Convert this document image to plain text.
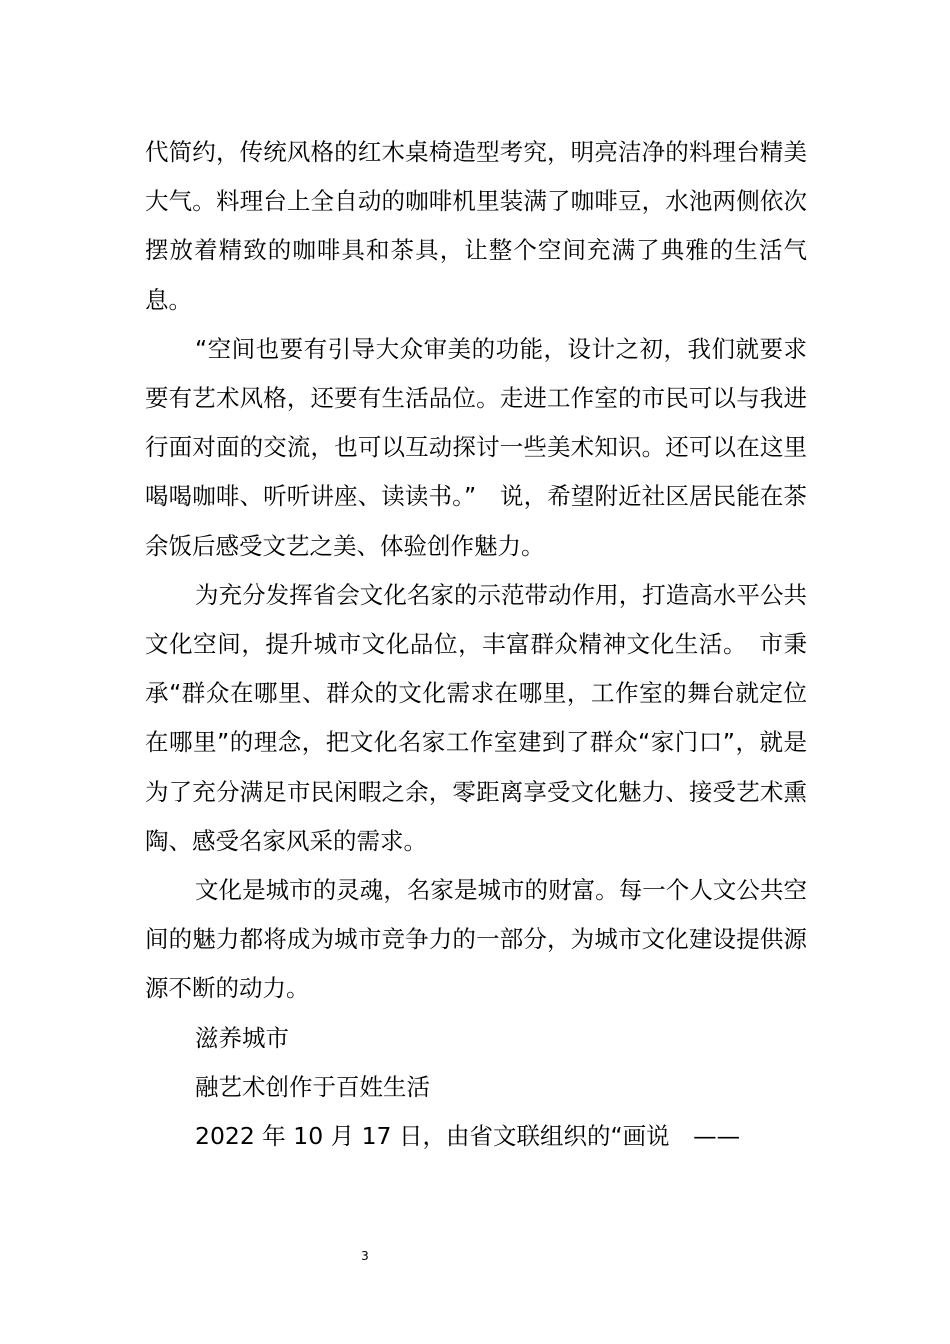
代简约，传统风格的红木桌椅造型考究，明亮洁净的料理台精美大气。料理台上全自动的咖啡机里装满了咖啡豆，水池两侧依次摆放着精致的咖啡具和茶具，让整个空间充满了典雅的生活气息。

“空间也要有引导大众审美的功能，设计之初，我们就要求要有艺术风格，还要有生活品位。走进工作室的市民可以与我进行面对面的交流，也可以互动探讨一些美术知识。还可以在这里喝喝咖啡、听听讲座、读读书。”　说，希望附近社区居民能在茶余饭后感受文艺之美、体验创作魅力。

为充分发挥省会文化名家的示范带动作用，打造高水平公共文化空间，提升城市文化品位，丰富群众精神文化生活。　市秉承“群众在哪里、群众的文化需求在哪里，工作室的舞台就定位在哪里”的理念，把文化名家工作室建到了群众“家门口”，就是为了充分满足市民闲暇之余，零距离享受文化魅力、接受艺术熏陶、感受名家风采的需求。

文化是城市的灵魂，名家是城市的财富。每一个人文公共空间的魅力都将成为城市竞争力的一部分，为城市文化建设提供源源不断的动力。

滋养城市

融艺术创作于百姓生活

2022 年 10 月 17 日，由省文联组织的“画说　——

3
